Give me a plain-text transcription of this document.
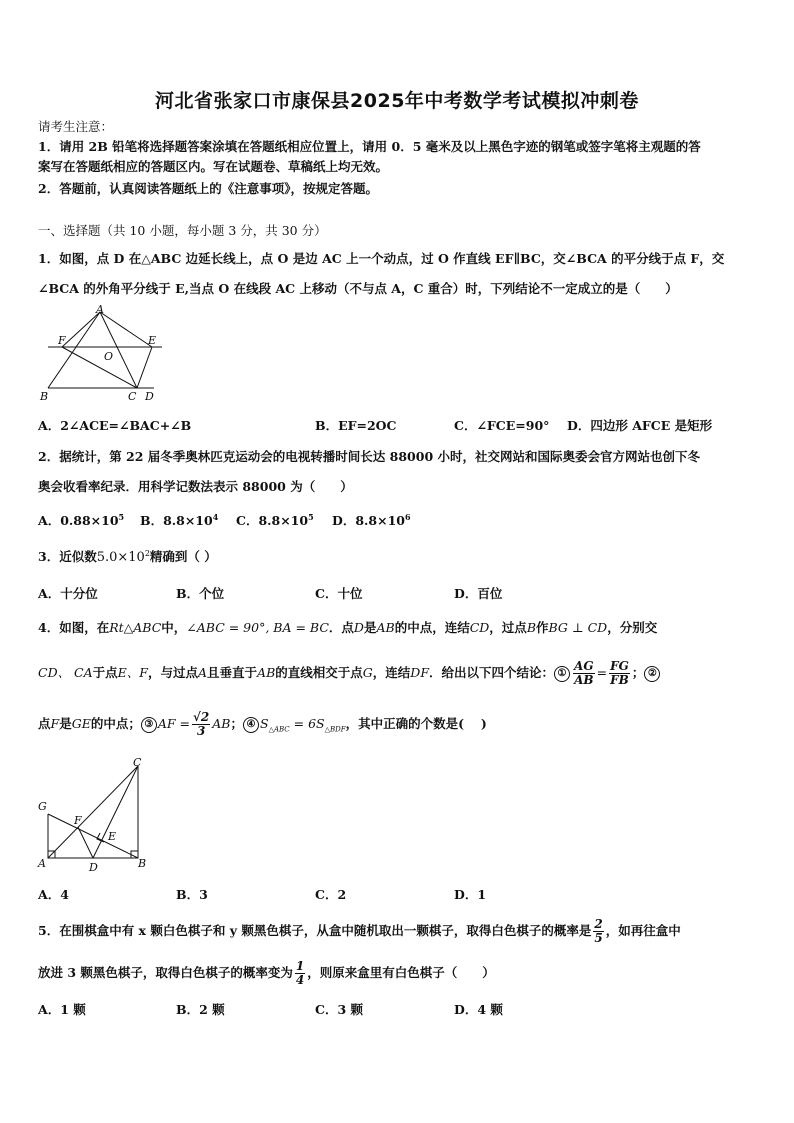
河北省张家口市康保县2025年中考数学考试模拟冲刺卷
请考生注意：
1．请用 2B 铅笔将选择题答案涂填在答题纸相应位置上，请用 0．5 毫米及以上黑色字迹的钢笔或签字笔将主观题的答
案写在答题纸相应的答题区内。写在试题卷、草稿纸上均无效。
2．答题前，认真阅读答题纸上的《注意事项》，按规定答题。
一、选择题（共 10 小题，每小题 3 分，共 30 分）
1．如图，点 D 在△ABC 边延长线上，点 O 是边 AC 上一个动点，过 O 作直线 EF∥BC，交∠BCA 的平分线于点 F，交
∠BCA 的外角平分线于 E,当点 O 在线段 AC 上移动（不与点 A，C 重合）时，下列结论不一定成立的是（　　）
A
F
O
E
B	C D
A．2∠ACE=∠BAC+∠B	B．EF=2OC	C．∠FCE=90° D．四边形 AFCE 是矩形
2．据统计，第 22 届冬季奥林匹克运动会的电视转播时间长达 88000 小时，社交网站和国际奥委会官方网站也创下冬
奥会收看率纪录．用科学记数法表示 88000 为（　　）
A．$0.88\times 10^5$ B．$8.8\times 10^4$ C．$8.8\times 10^5$ D．$8.8\times 10^6$
3．近似数$5.0\times 10^2$精确到（ ）
A．十分位	B．个位	C．十位	D．百位
4．如图，在Rt△ABC中，∠ABC = 90°, BA = BC．点D是AB的中点，连结CD，过点B作BG ⊥ CD，分别交
CD、 CA于点E、F，与过点A且垂直于AB的直线相交于点G，连结DF．给出以下四个结论： ① $\frac{AG}{AB} = \frac{FG}{FB}$ ； ②
点F是GE的中点； ③ AF = $\frac{√2}{3}$ AB； ④ $S_{\triangle ABC} = 6S_{\triangle BDF}$，其中正确的个数是(　 )
C
G
F
E
A	D	B
A．4	B．3	C．2	D．1
5．在围棋盒中有 x 颗白色棋子和 y 颗黑色棋子，从盒中随机取出一颗棋子，取得白色棋子的概率是 $\frac{2}{5}$ ，如再往盒中
放进 3 颗黑色棋子，取得白色棋子的概率变为 $\frac{1}{4}$ ，则原来盒里有白色棋子（　　）
A．1 颗	B．2 颗	C．3 颗	D．4 颗
